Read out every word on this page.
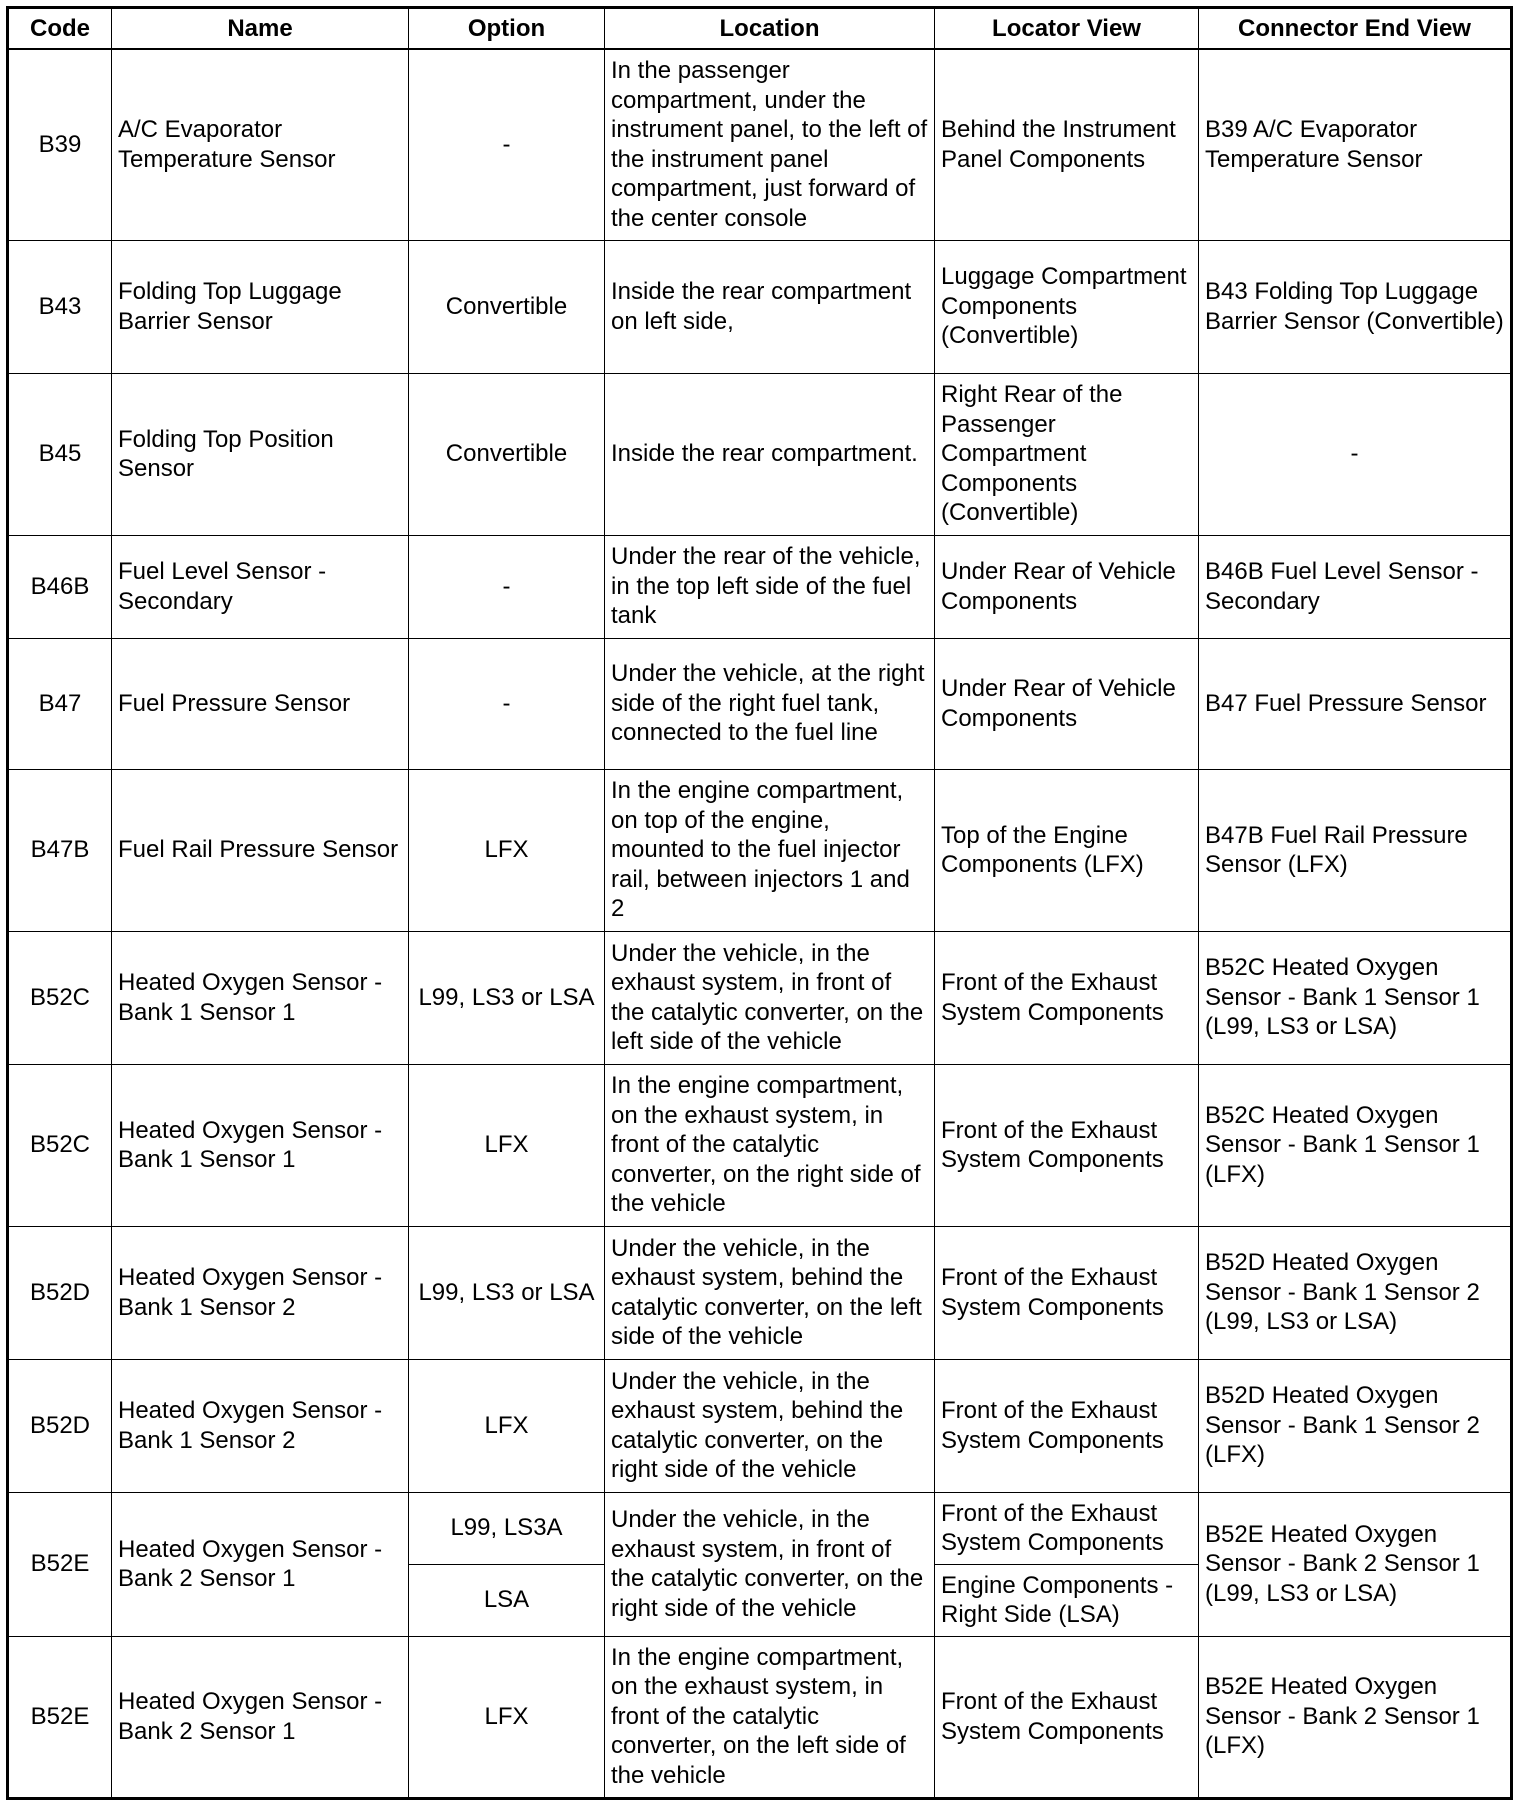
Code	Name	Option	Location	Locator View	Connector End View
B39	A/C Evaporator Temperature Sensor	-	In the passenger compartment, under the instrument panel, to the left of the instrument panel compartment, just forward of the center console	Behind the Instrument Panel Components	B39 A/C Evaporator Temperature Sensor
B43	Folding Top Luggage Barrier Sensor	Convertible	Inside the rear compartment on left side,	Luggage Compartment Components (Convertible)	B43 Folding Top Luggage Barrier Sensor (Convertible)
B45	Folding Top Position Sensor	Convertible	Inside the rear compartment.	Right Rear of the Passenger Compartment Components (Convertible)	-
B46B	Fuel Level Sensor - Secondary	-	Under the rear of the vehicle, in the top left side of the fuel tank	Under Rear of Vehicle Components	B46B Fuel Level Sensor - Secondary
B47	Fuel Pressure Sensor	-	Under the vehicle, at the right side of the right fuel tank, connected to the fuel line	Under Rear of Vehicle Components	B47 Fuel Pressure Sensor
B47B	Fuel Rail Pressure Sensor	LFX	In the engine compartment, on top of the engine, mounted to the fuel injector rail, between injectors 1 and 2	Top of the Engine Components (LFX)	B47B Fuel Rail Pressure Sensor (LFX)
B52C	Heated Oxygen Sensor - Bank 1 Sensor 1	L99, LS3 or LSA	Under the vehicle, in the exhaust system, in front of the catalytic converter, on the left side of the vehicle	Front of the Exhaust System Components	B52C Heated Oxygen Sensor - Bank 1 Sensor 1 (L99, LS3 or LSA)
B52C	Heated Oxygen Sensor - Bank 1 Sensor 1	LFX	In the engine compartment, on the exhaust system, in front of the catalytic converter, on the right side of the vehicle	Front of the Exhaust System Components	B52C Heated Oxygen Sensor - Bank 1 Sensor 1 (LFX)
B52D	Heated Oxygen Sensor - Bank 1 Sensor 2	L99, LS3 or LSA	Under the vehicle, in the exhaust system, behind the catalytic converter, on the left side of the vehicle	Front of the Exhaust System Components	B52D Heated Oxygen Sensor - Bank 1 Sensor 2 (L99, LS3 or LSA)
B52D	Heated Oxygen Sensor - Bank 1 Sensor 2	LFX	Under the vehicle, in the exhaust system, behind the catalytic converter, on the right side of the vehicle	Front of the Exhaust System Components	B52D Heated Oxygen Sensor - Bank 1 Sensor 2 (LFX)
B52E	Heated Oxygen Sensor - Bank 2 Sensor 1	L99, LS3A	Under the vehicle, in the exhaust system, in front of the catalytic converter, on the right side of the vehicle	Front of the Exhaust System Components	B52E Heated Oxygen Sensor - Bank 2 Sensor 1 (L99, LS3 or LSA)
		LSA		Engine Components - Right Side (LSA)	
B52E	Heated Oxygen Sensor - Bank 2 Sensor 1	LFX	In the engine compartment, on the exhaust system, in front of the catalytic converter, on the left side of the vehicle	Front of the Exhaust System Components	B52E Heated Oxygen Sensor - Bank 2 Sensor 1 (LFX)
